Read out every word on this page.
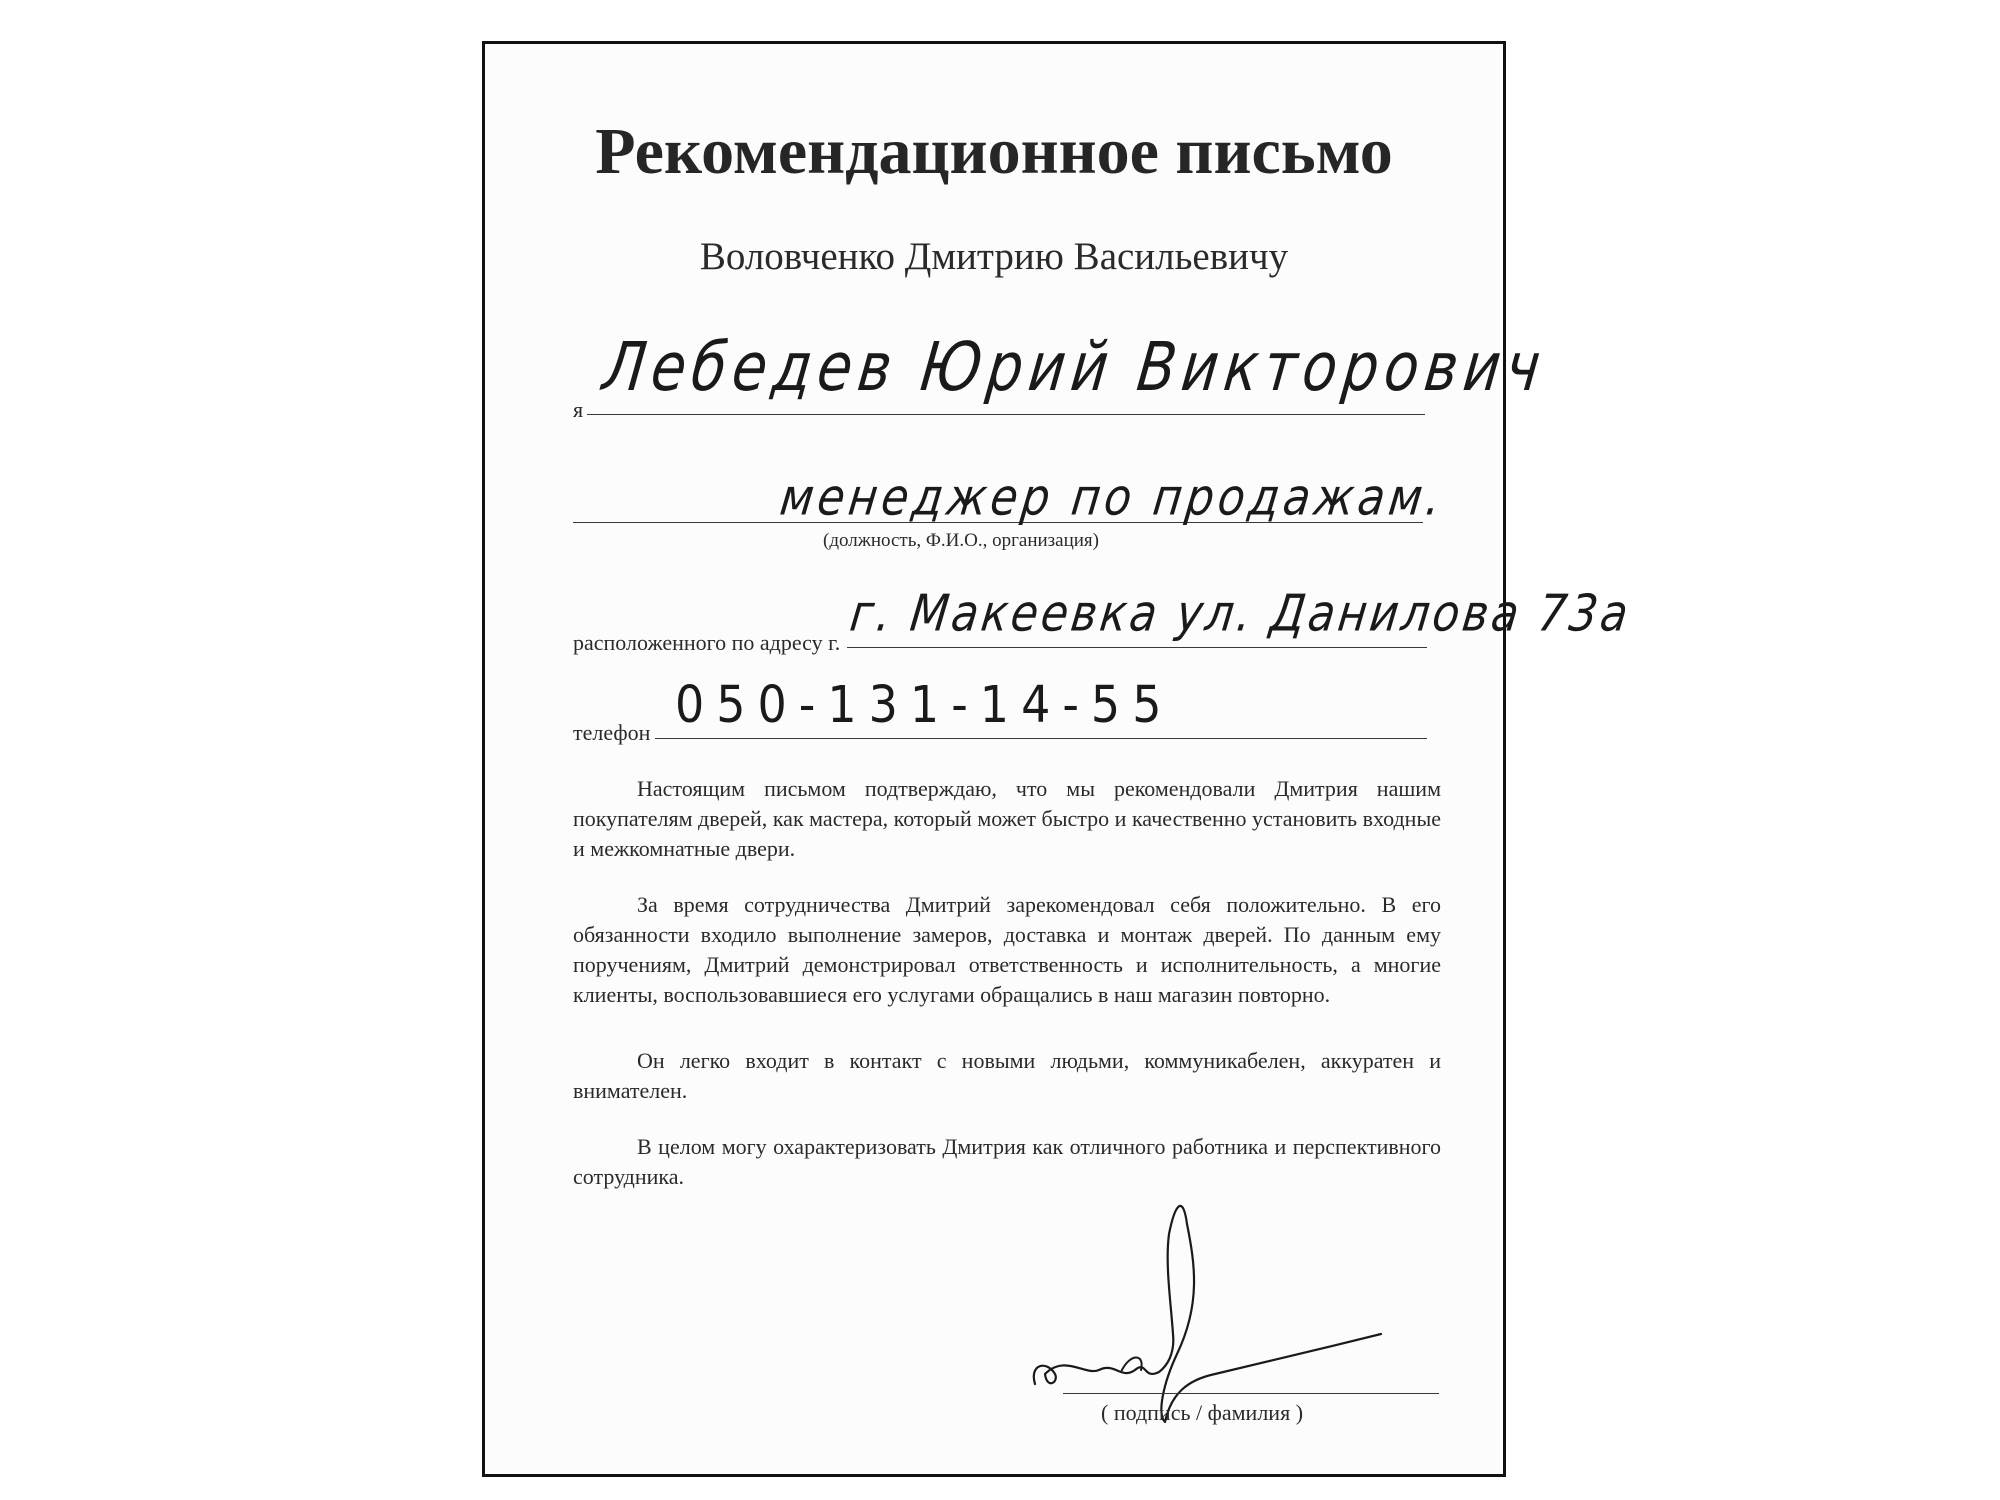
Рекомендационное письмо
Воловченко Дмитрию Васильевичу
я
Лебедев Юрий Викторович
менеджер по продажам.
(должность, Ф.И.О., организация)
расположенного по адресу г. г. Макеевка ул. Данилова 73а
телефон 050-131-14-55

Настоящим письмом подтверждаю, что мы рекомендовали Дмитрия нашим покупателям дверей, как мастера, который может быстро и качественно установить входные и межкомнатные двери.

За время сотрудничества Дмитрий зарекомендовал себя положительно. В его обязанности входило выполнение замеров, доставка и монтаж дверей. По данным ему поручениям, Дмитрий демонстрировал ответственность и исполнительность, а многие клиенты, воспользовавшиеся его услугами обращались в наш магазин повторно.

Он легко входит в контакт с новыми людьми, коммуникабелен, аккуратен и внимателен.

В целом могу охарактеризовать Дмитрия как отличного работника и перспективного сотрудника.

( подпись / фамилия )
